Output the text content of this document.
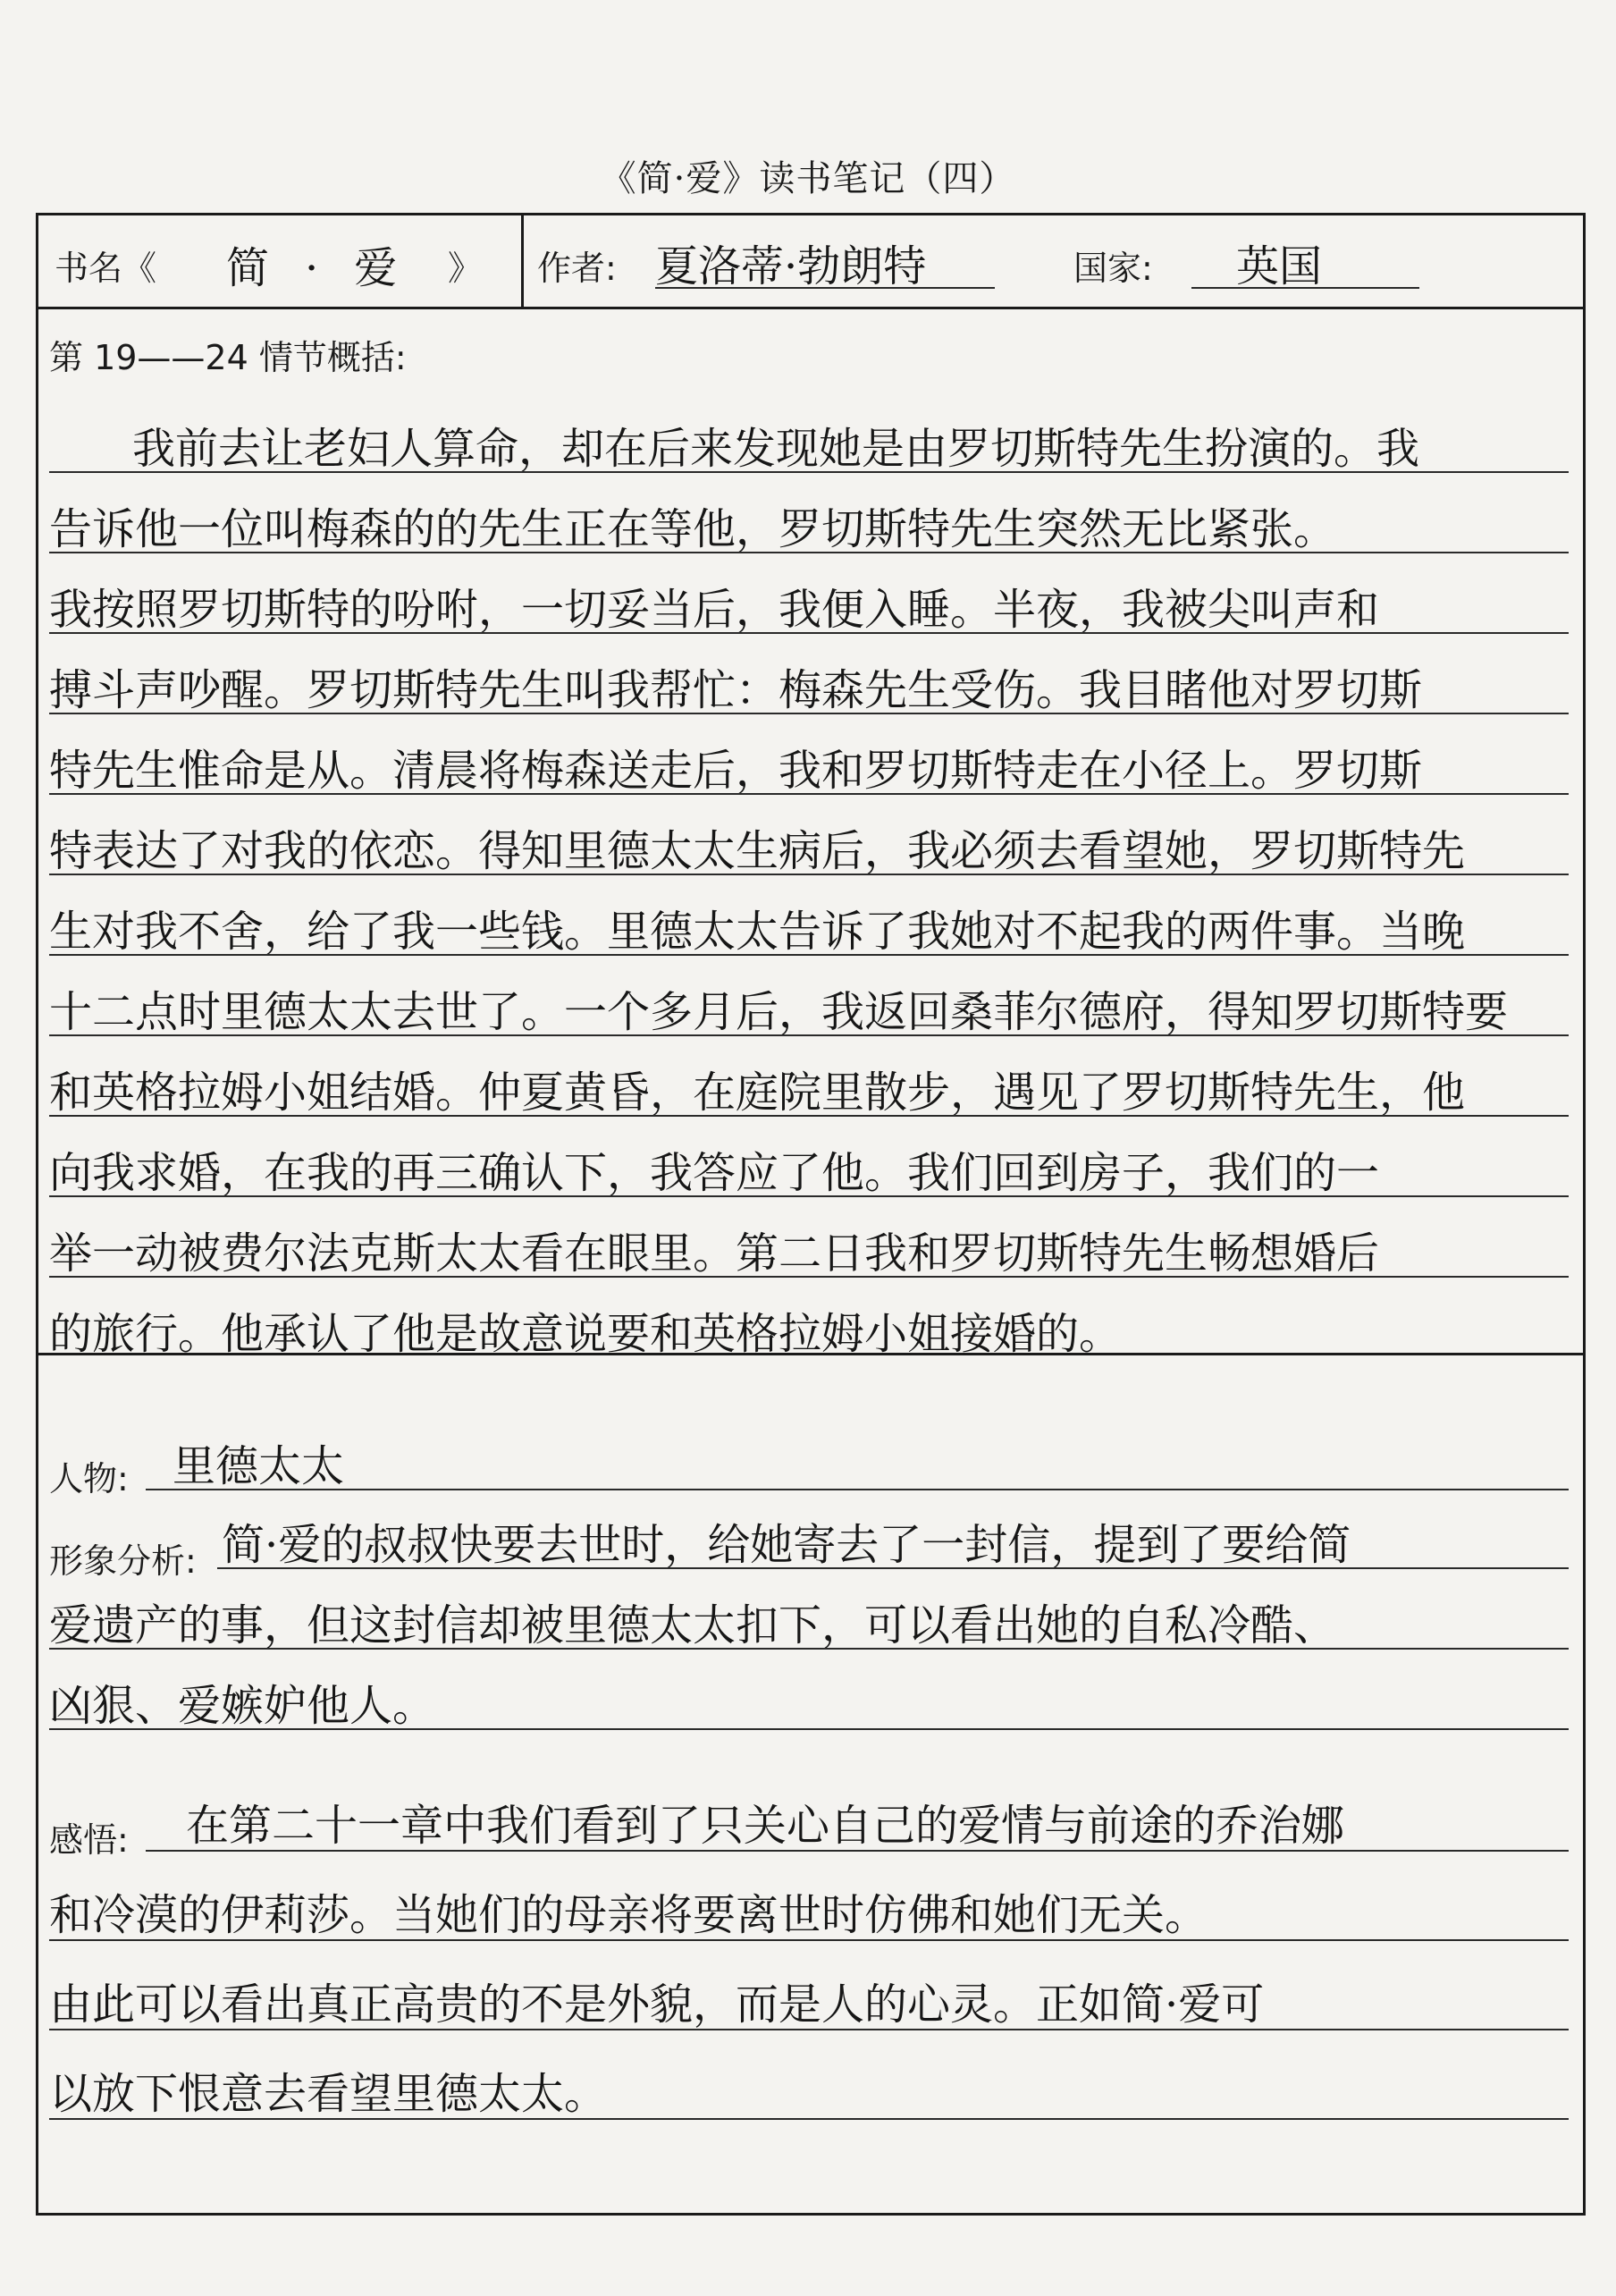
《简·爱》读书笔记（四）
书名《 简·爱 》 作者: 夏洛蒂·勃朗特	国家: 英国
第 19——24 情节概括:
我前去让老妇人算命，却在后来发现她是由罗切斯特先生扮演的。我
告诉他一位叫梅森的的先生正在等他，罗切斯特先生突然无比紧张。
我按照罗切斯特的吩咐，一切妥当后，我便入睡。半夜，我被尖叫声和
搏斗声吵醒。罗切斯特先生叫我帮忙：梅森先生受伤。我目睹他对罗切斯
特先生惟命是从。清晨将梅森送走后，我和罗切斯特走在小径上。罗切斯
特表达了对我的依恋。得知里德太太生病后，我必须去看望她，罗切斯特先
生对我不舍，给了我一些钱。里德太太告诉了我她对不起我的两件事。当晚
十二点时里德太太去世了。一个多月后，我返回桑菲尔德府，得知罗切斯特要
和英格拉姆小姐结婚。仲夏黄昏，在庭院里散步，遇见了罗切斯特先生，他
向我求婚，在我的再三确认下，我答应了他。我们回到房子，我们的一
举一动被费尔法克斯太太看在眼里。第二日我和罗切斯特先生畅想婚后
的旅行。他承认了他是故意说要和英格拉姆小姐接婚的。
人物: 里德太太
形象分析: 简·爱的叔叔快要去世时，给她寄去了一封信，提到了要给简
爱遗产的事，但这封信却被里德太太扣下，可以看出她的自私冷酷、
凶狠、爱嫉妒他人。
感悟: 在第二十一章中我们看到了只关心自己的爱情与前途的乔治娜
和冷漠的伊莉莎。当她们的母亲将要离世时仿佛和她们无关。
由此可以看出真正高贵的不是外貌，而是人的心灵。正如简·爱可
以放下恨意去看望里德太太。
